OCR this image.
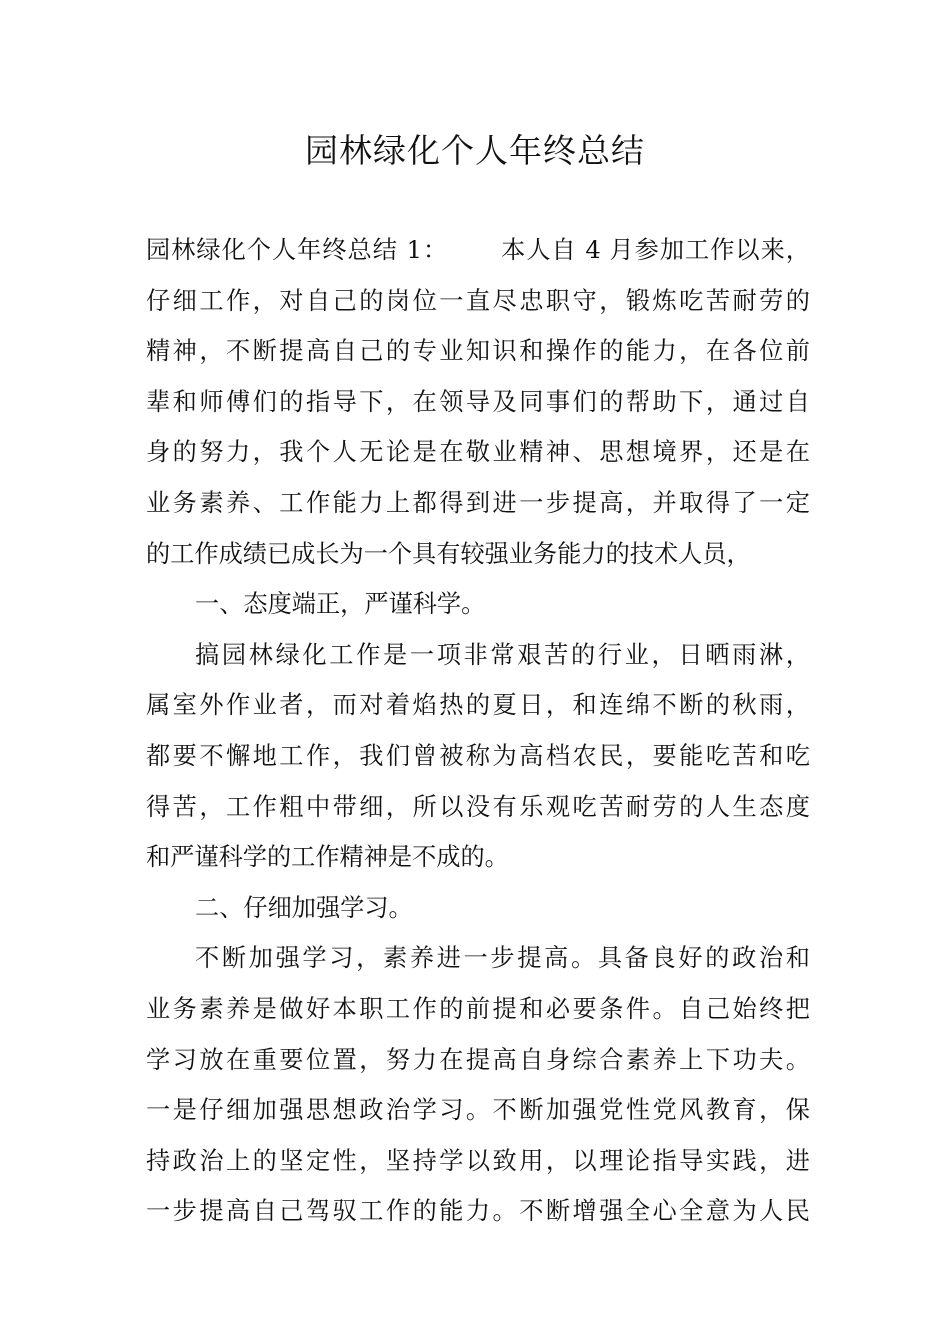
园林绿化个人年终总结
园林绿化个人年终总结 1： 本人自 4 月参加工作以来，
仔细工作，对自己的岗位一直尽忠职守，锻炼吃苦耐劳的
精神，不断提高自己的专业知识和操作的能力，在各位前
辈和师傅们的指导下，在领导及同事们的帮助下，通过自
身的努力，我个人无论是在敬业精神、思想境界，还是在
业务素养、工作能力上都得到进一步提高，并取得了一定
的工作成绩已成长为一个具有较强业务能力的技术人员，
一、态度端正，严谨科学。
搞园林绿化工作是一项非常艰苦的行业，日晒雨淋，
属室外作业者，而对着焰热的夏日，和连绵不断的秋雨，
都要不懈地工作，我们曾被称为高档农民，要能吃苦和吃
得苦，工作粗中带细，所以没有乐观吃苦耐劳的人生态度
和严谨科学的工作精神是不成的。
二、仔细加强学习。
不断加强学习，素养进一步提高。具备良好的政治和
业务素养是做好本职工作的前提和必要条件。自己始终把
学习放在重要位置，努力在提高自身综合素养上下功夫。
一是仔细加强思想政治学习。不断加强党性党风教育，保
持政治上的坚定性，坚持学以致用，以理论指导实践，进
一步提高自己驾驭工作的能力。不断增强全心全意为人民
